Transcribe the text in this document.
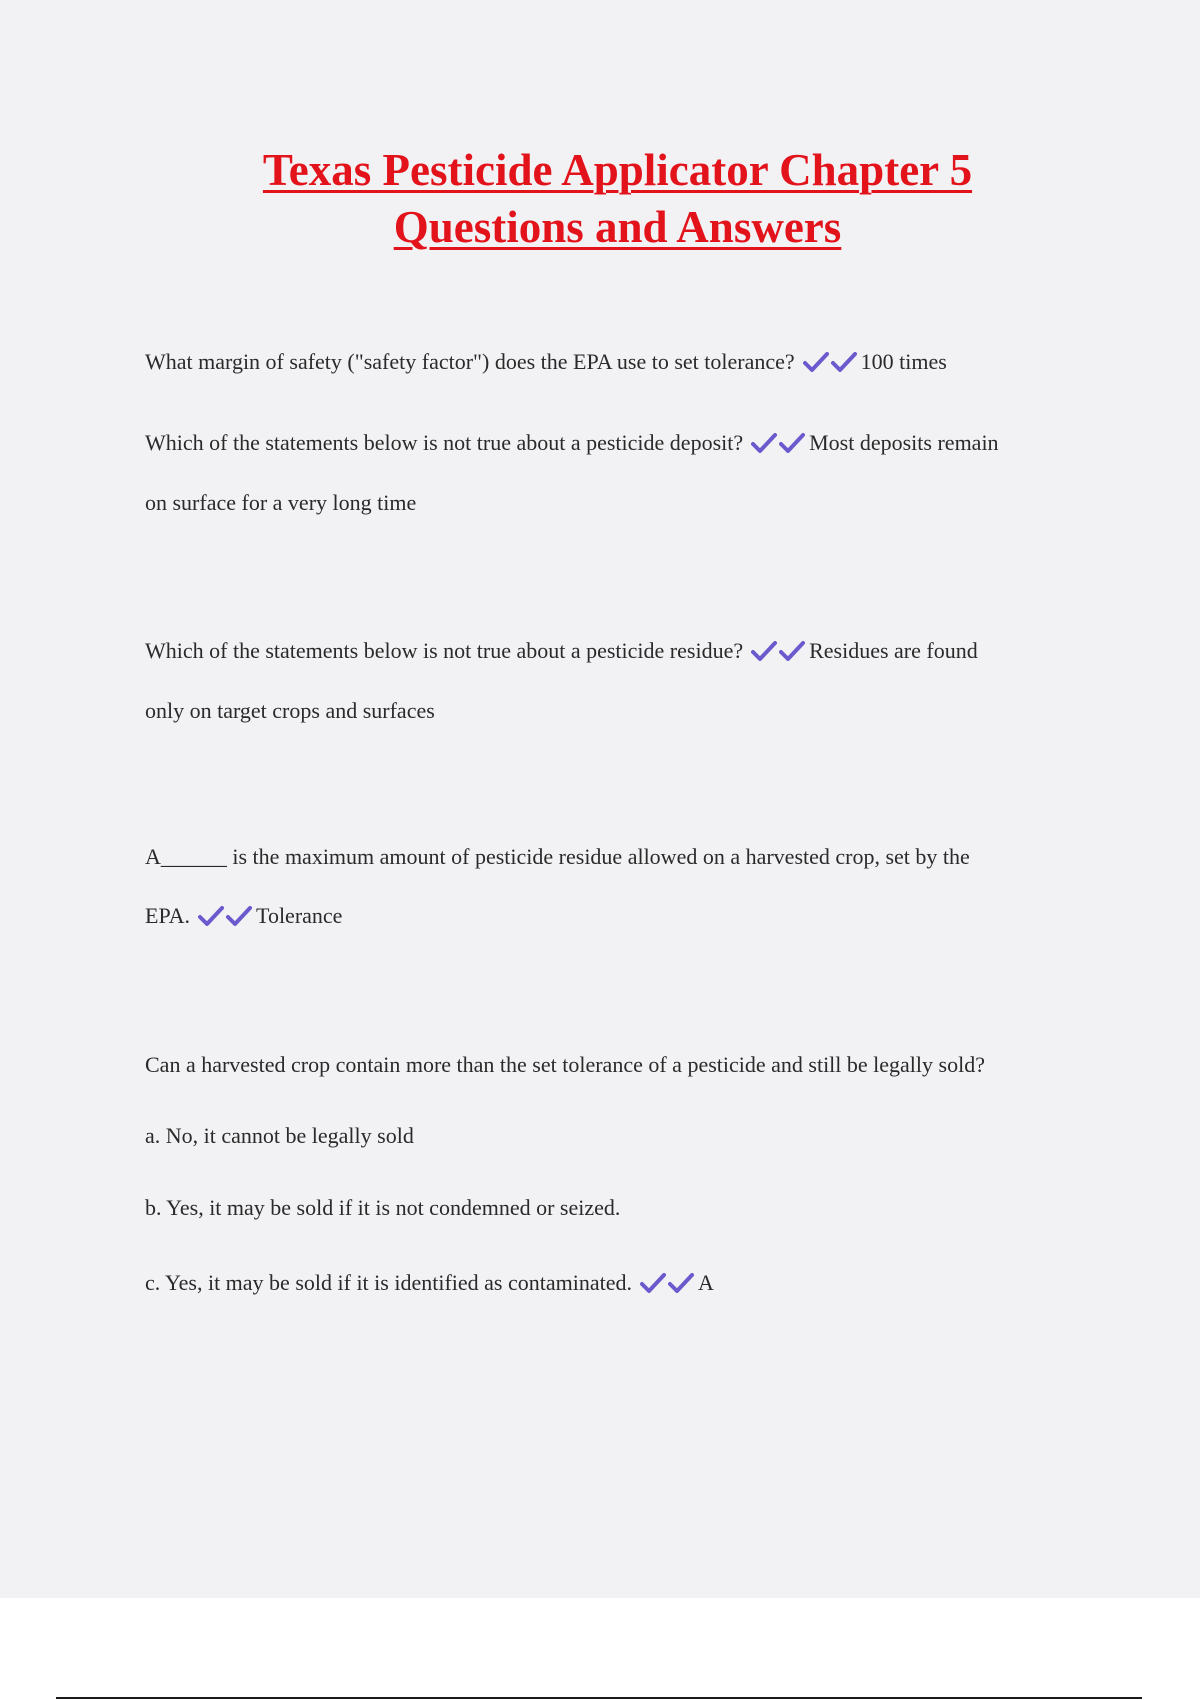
Texas Pesticide Applicator Chapter 5
Questions and Answers
What margin of safety ("safety factor") does the EPA use to set tolerance?	100 times
Which of the statements below is not true about a pesticide deposit?	Most deposits remain
on surface for a very long time
Which of the statements below is not true about a pesticide residue?	Residues are found
only on target crops and surfaces
A______ is the maximum amount of pesticide residue allowed on a harvested crop, set by the
EPA.	Tolerance
Can a harvested crop contain more than the set tolerance of a pesticide and still be legally sold?
a. No, it cannot be legally sold
b. Yes, it may be sold if it is not condemned or seized.
c. Yes, it may be sold if it is identified as contaminated.	A
